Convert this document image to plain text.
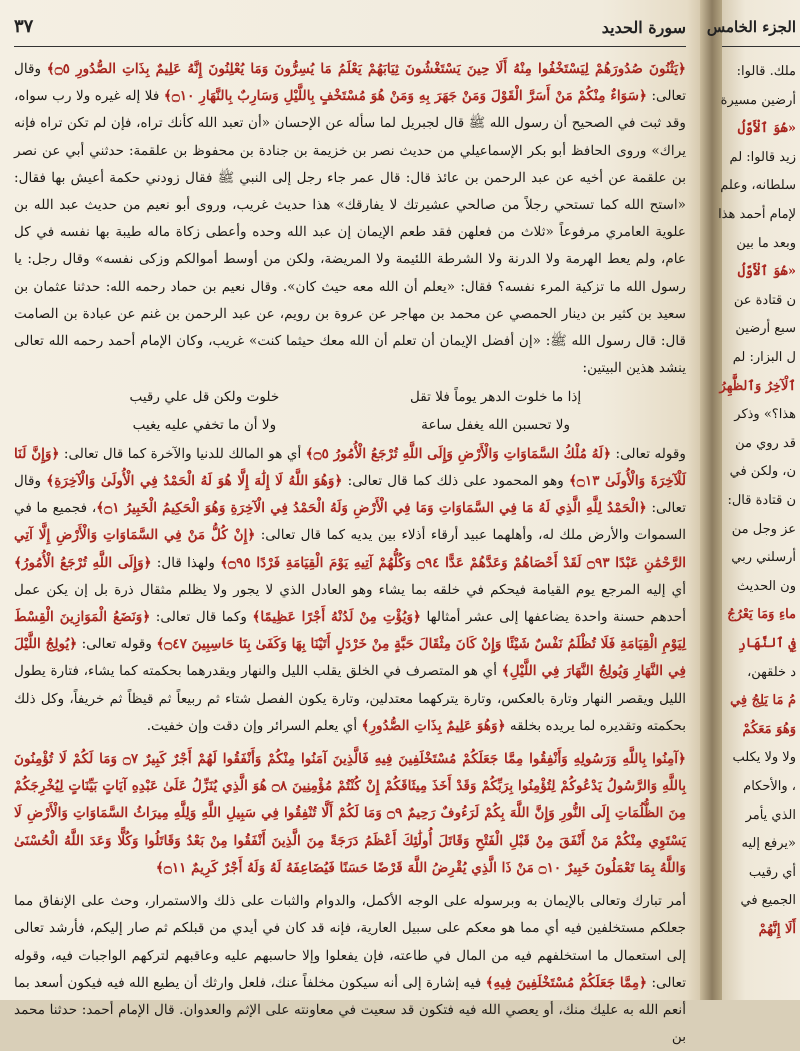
سورة الحديد
٣٧

﴿يَثْنُونَ صُدُورَهُمْ لِيَسْتَخْفُوا مِنْهُ أَلَا حِينَ يَسْتَغْشُونَ ثِيَابَهُمْ يَعْلَمُ مَا يُسِرُّونَ وَمَا يُعْلِنُونَ إِنَّهُ عَلِيمٌ بِذَاتِ الصُّدُورِ ۝٥﴾ وقال تعالى: ﴿سَوَاءٌ مِنْكُمْ مَنْ أَسَرَّ الْقَوْلَ وَمَنْ جَهَرَ بِهِ وَمَنْ هُوَ مُسْتَخْفٍ بِاللَّيْلِ وَسَارِبٌ بِالنَّهَارِ ۝١٠﴾ فلا إله غيره ولا رب سواه، وقد ثبت في الصحيح أن رسول الله ﷺ قال لجبريل لما سأله عن الإحسان «أن تعبد الله كأنك تراه، فإن لم تكن تراه فإنه يراك» وروى الحافظ أبو بكر الإسماعيلي من حديث نصر بن خزيمة بن جنادة بن محفوظ بن علقمة: حدثني أبي عن نصر بن علقمة عن أخيه عن عبد الرحمن بن عائذ قال: قال عمر جاء رجل إلى النبي ﷺ فقال زودني حكمة أعيش بها فقال: «استح الله كما تستحي رجلاً من صالحي عشيرتك لا يفارقك» هذا حديث غريب، وروى أبو نعيم من حديث عبد الله بن علوية العامري مرفوعاً «ثلاث من فعلهن فقد طعم الإيمان إن عبد الله وحده وأعطى زكاة ماله طيبة بها نفسه في كل عام، ولم يعط الهرمة ولا الدرنة ولا الشرطة اللئيمة ولا المريضة، ولكن من أوسط أموالكم وزكى نفسه» وقال رجل: يا رسول الله ما تزكية المرء نفسه؟ فقال: «يعلم أن الله معه حيث كان». وقال نعيم بن حماد رحمه الله: حدثنا عثمان بن سعيد بن كثير بن دينار الحمصي عن محمد بن مهاجر عن عروة بن رويم، عن عبد الرحمن بن غنم عن عبادة بن الصامت قال: قال رسول الله ﷺ: «إن أفضل الإيمان أن تعلم أن الله معك حيثما كنت» غريب، وكان الإمام أحمد رحمه الله تعالى ينشد هذين البيتين:

إذا ما خلوت الدهر يوماً فلا تقل
خلوت ولكن قل علي رقيب
ولا تحسبن الله يغفل ساعة
ولا أن ما تخفي عليه يغيب

وقوله تعالى: ﴿لَهُ مُلْكُ السَّمَاوَاتِ وَالْأَرْضِ وَإِلَى اللَّهِ تُرْجَعُ الْأُمُورُ ۝٥﴾ أي هو المالك للدنيا والآخرة كما قال تعالى: ﴿وَإِنَّ لَنَا لَلْآخِرَةَ وَالْأُولَىٰ ۝١٣﴾ وهو المحمود على ذلك كما قال تعالى: ﴿وَهُوَ اللَّهُ لَا إِلَٰهَ إِلَّا هُوَ لَهُ الْحَمْدُ فِي الْأُولَىٰ وَالْآخِرَةِ﴾ وقال تعالى: ﴿الْحَمْدُ لِلَّهِ الَّذِي لَهُ مَا فِي السَّمَاوَاتِ وَمَا فِي الْأَرْضِ وَلَهُ الْحَمْدُ فِي الْآخِرَةِ وَهُوَ الْحَكِيمُ الْخَبِيرُ ۝١﴾، فجميع ما في السموات والأرض ملك له، وأهلهما عبيد أرقاء أذلاء بين يديه كما قال تعالى: ﴿إِنْ كُلُّ مَنْ فِي السَّمَاوَاتِ وَالْأَرْضِ إِلَّا آتِي الرَّحْمَٰنِ عَبْدًا ۝٩٣ لَقَدْ أَحْصَاهُمْ وَعَدَّهُمْ عَدًّا ۝٩٤ وَكُلُّهُمْ آتِيهِ يَوْمَ الْقِيَامَةِ فَرْدًا ۝٩٥﴾ ولهذا قال: ﴿وَإِلَى اللَّهِ تُرْجَعُ الْأُمُورُ﴾ أي إليه المرجع يوم القيامة فيحكم في خلقه بما يشاء وهو العادل الذي لا يجور ولا يظلم مثقال ذرة بل إن يكن عمل أحدهم حسنة واحدة يضاعفها إلى عشر أمثالها ﴿وَيُؤْتِ مِنْ لَدُنْهُ أَجْرًا عَظِيمًا﴾ وكما قال تعالى: ﴿وَنَضَعُ الْمَوَازِينَ الْقِسْطَ لِيَوْمِ الْقِيَامَةِ فَلَا تُظْلَمُ نَفْسٌ شَيْئًا وَإِنْ كَانَ مِثْقَالَ حَبَّةٍ مِنْ خَرْدَلٍ أَتَيْنَا بِهَا وَكَفَىٰ بِنَا حَاسِبِينَ ۝٤٧﴾ وقوله تعالى: ﴿يُولِجُ اللَّيْلَ فِي النَّهَارِ وَيُولِجُ النَّهَارَ فِي اللَّيْلِ﴾ أي هو المتصرف في الخلق يقلب الليل والنهار ويقدرهما بحكمته كما يشاء، فتارة يطول الليل ويقصر النهار وتارة بالعكس، وتارة يتركهما معتدلين، وتارة يكون الفصل شتاء ثم ربيعاً ثم قيظاً ثم خريفاً، وكل ذلك بحكمته وتقديره لما يريده بخلقه ﴿وَهُوَ عَلِيمٌ بِذَاتِ الصُّدُورِ﴾ أي يعلم السرائر وإن دقت وإن خفيت.

﴿آمِنُوا بِاللَّهِ وَرَسُولِهِ وَأَنْفِقُوا مِمَّا جَعَلَكُمْ مُسْتَخْلَفِينَ فِيهِ فَالَّذِينَ آمَنُوا مِنْكُمْ وَأَنْفَقُوا لَهُمْ أَجْرٌ كَبِيرٌ ۝٧ وَمَا لَكُمْ لَا تُؤْمِنُونَ بِاللَّهِ وَالرَّسُولُ يَدْعُوكُمْ لِتُؤْمِنُوا بِرَبِّكُمْ وَقَدْ أَخَذَ مِيثَاقَكُمْ إِنْ كُنْتُمْ مُؤْمِنِينَ ۝٨ هُوَ الَّذِي يُنَزِّلُ عَلَىٰ عَبْدِهِ آيَاتٍ بَيِّنَاتٍ لِيُخْرِجَكُمْ مِنَ الظُّلُمَاتِ إِلَى النُّورِ وَإِنَّ اللَّهَ بِكُمْ لَرَءُوفٌ رَحِيمٌ ۝٩ وَمَا لَكُمْ أَلَّا تُنْفِقُوا فِي سَبِيلِ اللَّهِ وَلِلَّهِ مِيرَاثُ السَّمَاوَاتِ وَالْأَرْضِ لَا يَسْتَوِي مِنْكُمْ مَنْ أَنْفَقَ مِنْ قَبْلِ الْفَتْحِ وَقَاتَلَ أُولَٰئِكَ أَعْظَمُ دَرَجَةً مِنَ الَّذِينَ أَنْفَقُوا مِنْ بَعْدُ وَقَاتَلُوا وَكُلًّا وَعَدَ اللَّهُ الْحُسْنَىٰ وَاللَّهُ بِمَا تَعْمَلُونَ خَبِيرٌ ۝١٠ مَنْ ذَا الَّذِي يُقْرِضُ اللَّهَ قَرْضًا حَسَنًا فَيُضَاعِفَهُ لَهُ وَلَهُ أَجْرٌ كَرِيمٌ ۝١١﴾

أمر تبارك وتعالى بالإيمان به وبرسوله على الوجه الأكمل، والدوام والثبات على ذلك والاستمرار، وحث على الإنفاق مما جعلكم مستخلفين فيه أي مما هو معكم على سبيل العارية، فإنه قد كان في أيدي من قبلكم ثم صار إليكم، فأرشد تعالى إلى استعمال ما استخلفهم فيه من المال في طاعته، فإن يفعلوا وإلا حاسبهم عليه وعاقبهم لتركهم الواجبات فيه، وقوله تعالى: ﴿مِمَّا جَعَلَكُمْ مُسْتَخْلَفِينَ فِيهِ﴾ فيه إشارة إلى أنه سيكون مخلفاً عنك، فلعل وارثك أن يطيع الله فيه فيكون أسعد بما أنعم الله به عليك منك، أو يعصي الله فيه فتكون قد سعيت في معاونته على الإثم والعدوان. قال الإمام أحمد: حدثنا محمد بن

الجزء الخامس
ملك. قالوا:
أرضين مسيرة
«هُوَ ٱلْأَوَّلُ
زيد قالوا: لم
سلطانه، وعلم
لإمام أحمد هذا
وبعد ما بين
«هُوَ ٱلْأَوَّلُ
ن قتادة عن
سبع أرضين
ل البزار: لم
ٱلْآخِرُ وَٱلظَّٰهِرُ
هذا؟» وذكر
قد روي من
ن، ولكن في
ن قتادة قال:
عز وجل من
أرسلني ربي
ون الحديث
ماءِ وَمَا يَعْرُجُ
فِي ٱلنَّهَارِ
د خلقهن،
مُ مَا يَلِجُ فِي
وَهُوَ مَعَكُمْ
ولا ولا يكلب
، والأحكام
الذي يأمر
«يرفع إليه
أي رقيب
الجميع في
أَلَا إِنَّهُمْ
